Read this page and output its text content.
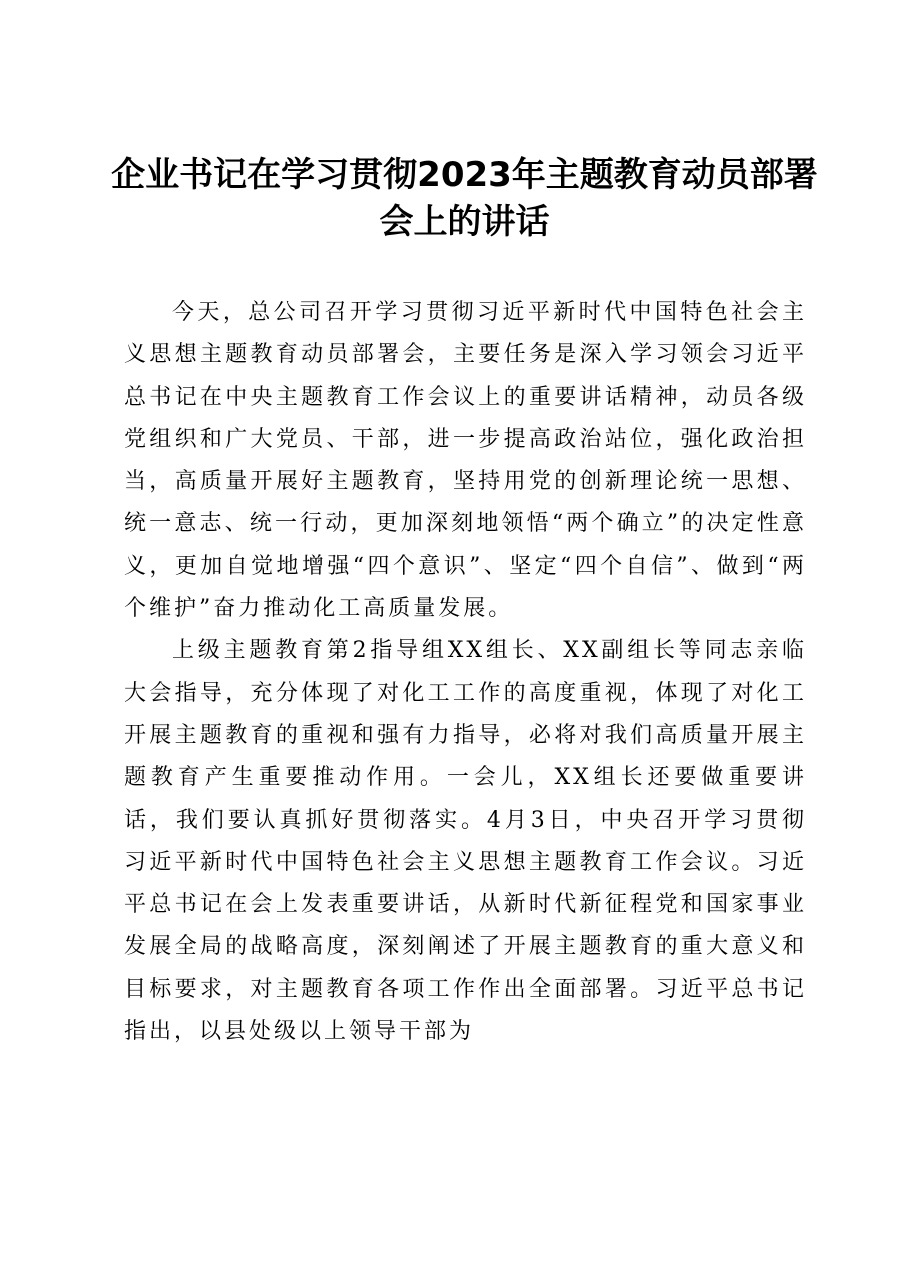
企业书记在学习贯彻2023年主题教育动员部署会上的讲话

今天，总公司召开学习贯彻习近平新时代中国特色社会主义思想主题教育动员部署会，主要任务是深入学习领会习近平总书记在中央主题教育工作会议上的重要讲话精神，动员各级党组织和广大党员、干部，进一步提高政治站位，强化政治担当，高质量开展好主题教育，坚持用党的创新理论统一思想、统一意志、统一行动，更加深刻地领悟“两个确立”的决定性意义，更加自觉地增强“四个意识”、坚定“四个自信”、做到“两个维护”奋力推动化工高质量发展。

上级主题教育第2指导组XX组长、XX副组长等同志亲临大会指导，充分体现了对化工工作的高度重视，体现了对化工开展主题教育的重视和强有力指导，必将对我们高质量开展主题教育产生重要推动作用。一会儿，XX组长还要做重要讲话，我们要认真抓好贯彻落实。4月3日，中央召开学习贯彻习近平新时代中国特色社会主义思想主题教育工作会议。习近平总书记在会上发表重要讲话，从新时代新征程党和国家事业发展全局的战略高度，深刻阐述了开展主题教育的重大意义和目标要求，对主题教育各项工作作出全面部署。习近平总书记指出，以县处级以上领导干部为
